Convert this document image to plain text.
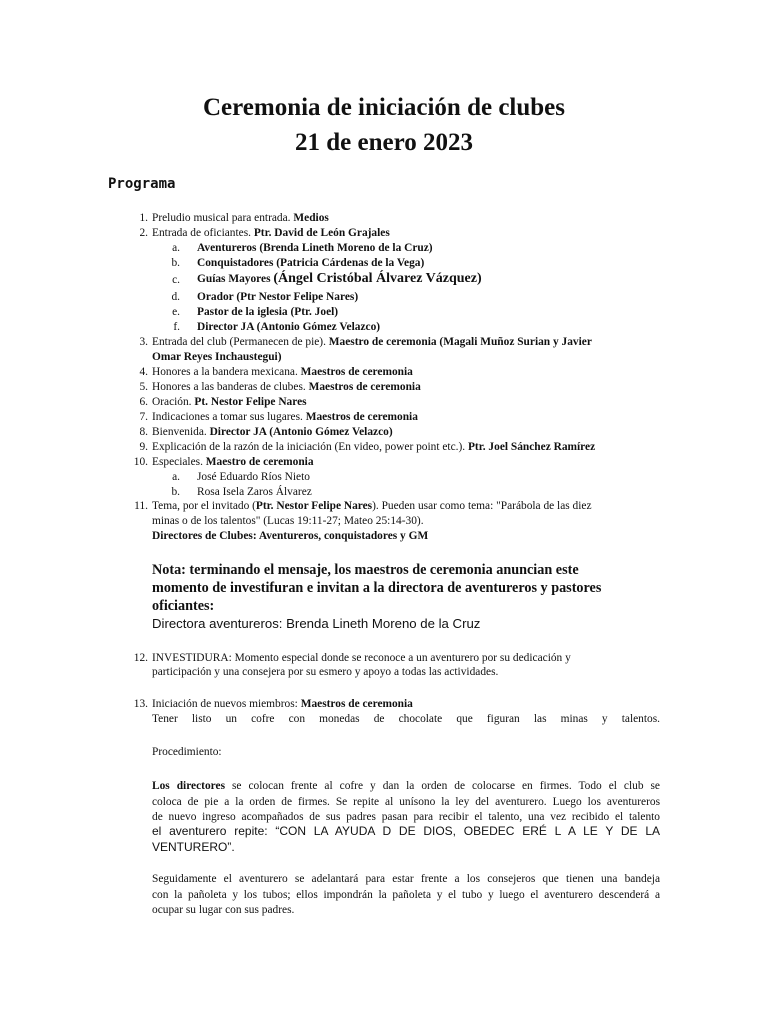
Ceremonia de iniciación de clubes
21 de enero 2023
Programa
1. Preludio musical para entrada. Medios
2. Entrada de oficiantes. Ptr. David de León Grajales
a. Aventureros (Brenda Lineth Moreno de la Cruz)
b. Conquistadores (Patricia Cárdenas de la Vega)
c. Guías Mayores (Ángel Cristóbal Álvarez Vázquez)
d. Orador (Ptr Nestor Felipe Nares)
e. Pastor de la iglesia (Ptr. Joel)
f. Director JA (Antonio Gómez Velazco)
3. Entrada del club (Permanecen de pie). Maestro de ceremonia (Magali Muñoz Surian y Javier
Omar Reyes Inchaustegui)
4. Honores a la bandera mexicana. Maestros de ceremonia
5. Honores a las banderas de clubes. Maestros de ceremonia
6. Oración. Pt. Nestor Felipe Nares
7. Indicaciones a tomar sus lugares. Maestros de ceremonia
8. Bienvenida. Director JA (Antonio Gómez Velazco)
9. Explicación de la razón de la iniciación (En video, power point etc.). Ptr. Joel Sánchez Ramírez
10. Especiales. Maestro de ceremonia
a. José Eduardo Ríos Nieto
b. Rosa Isela Zaros Álvarez
11. Tema, por el invitado (Ptr. Nestor Felipe Nares). Pueden usar como tema: "Parábola de las diez
minas o de los talentos" (Lucas 19:11-27; Mateo 25:14-30).
Directores de Clubes: Aventureros, conquistadores y GM
Nota: terminando el mensaje, los maestros de ceremonia anuncian este
momento de investifuran e invitan a la directora de aventureros y pastores
oficiantes:
Directora aventureros: Brenda Lineth Moreno de la Cruz
12. INVESTIDURA: Momento especial donde se reconoce a un aventurero por su dedicación y
participación y una consejera por su esmero y apoyo a todas las actividades.
13. Iniciación de nuevos miembros: Maestros de ceremonia
Tener listo un cofre con monedas de chocolate que figuran las minas y talentos.
Procedimiento:
Los directores se colocan frente al cofre y dan la orden de colocarse en firmes. Todo el club se
coloca de pie a la orden de firmes. Se repite al unísono la ley del aventurero. Luego los aventureros
de nuevo ingreso acompañados de sus padres pasan para recibir el talento, una vez recibido el talento
el aventurero repite: “CON LA AYUDA D DE DIOS, OBEDEC ERÉ L A LE Y DE LA
VENTURERO”.
Seguidamente el aventurero se adelantará para estar frente a los consejeros que tienen una bandeja
con la pañoleta y los tubos; ellos impondrán la pañoleta y el tubo y luego el aventurero descenderá a
ocupar su lugar con sus padres.
